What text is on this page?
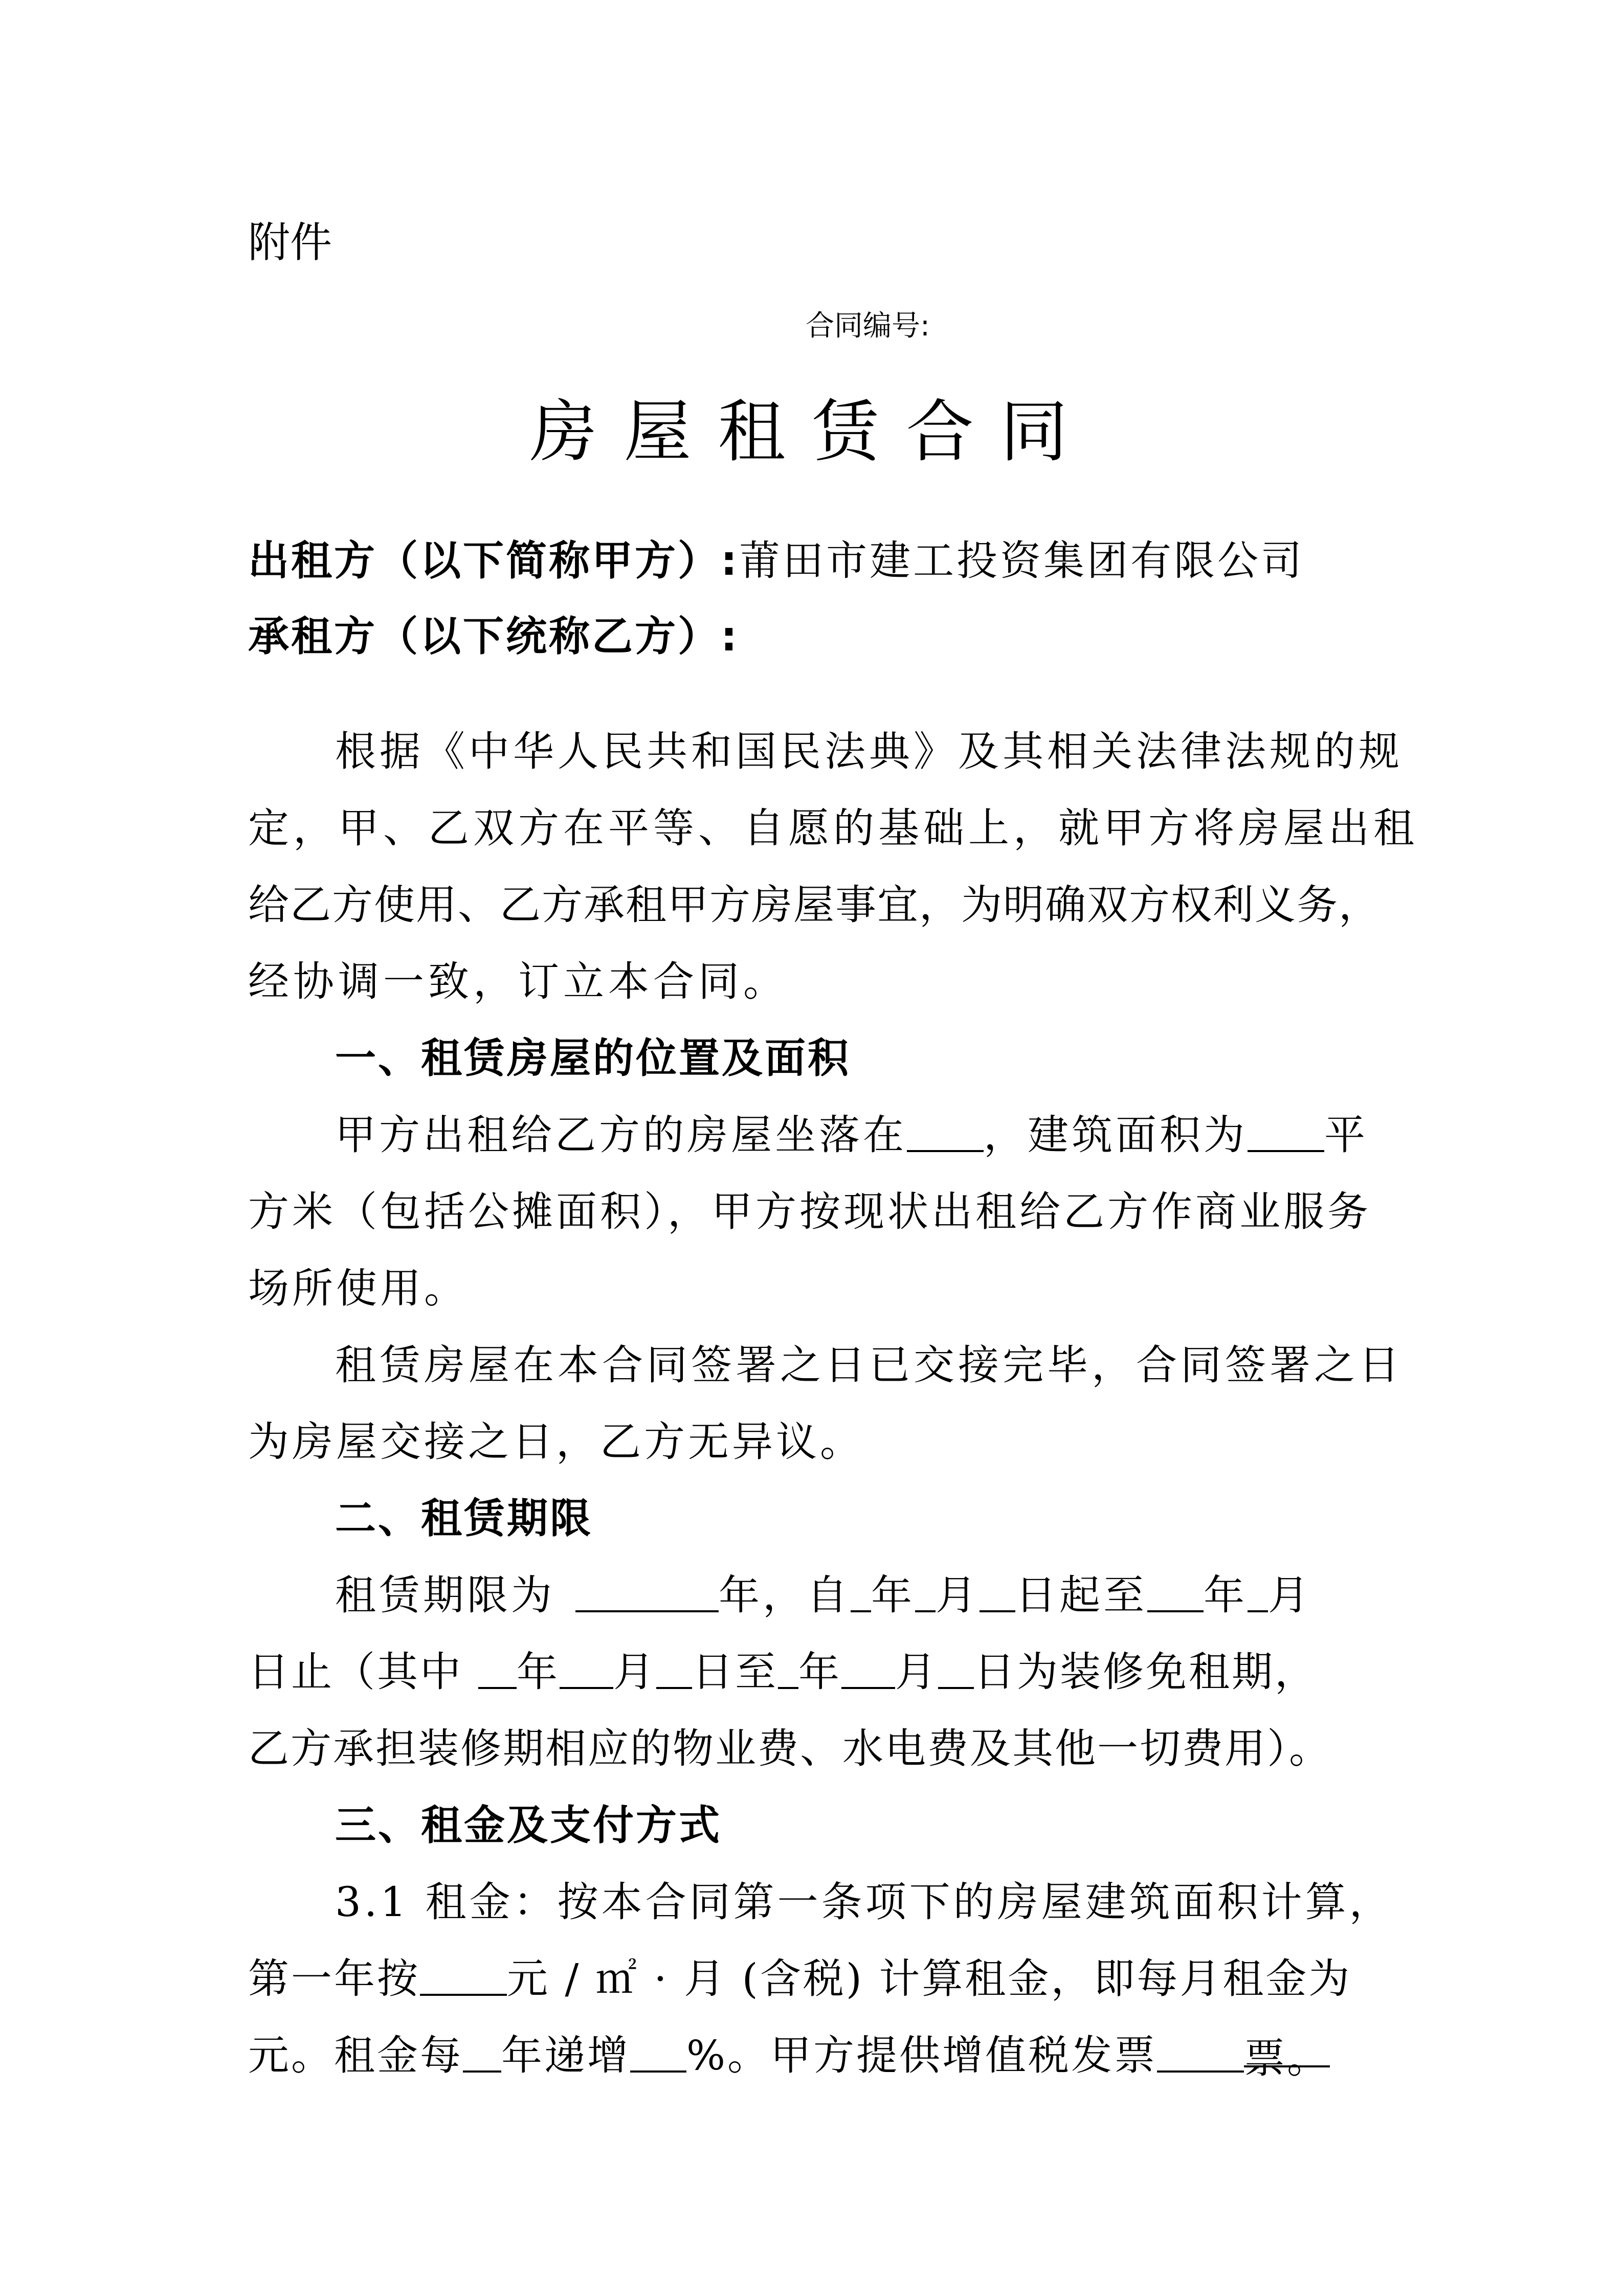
附件
合同编号:
房屋租赁合同
出租方（以下简称甲方）:莆田市建工投资集团有限公司
承租方（以下统称乙方）:
根据《中华人民共和国民法典》及其相关法律法规的规
定，甲、乙双方在平等、自愿的基础上，就甲方将房屋出租
给乙方使用、乙方承租甲方房屋事宜，为明确双方权利义务，
经协调一致，订立本合同。
一、租赁房屋的位置及面积
甲方出租给乙方的房屋坐落在 ，建筑面积为 平
方米（包括公摊面积），甲方按现状出租给乙方作商业服务
场所使用。
租赁房屋在本合同签署之日已交接完毕，合同签署之日
为房屋交接之日，乙方无异议。
二、租赁期限
租赁期限为	年，自 年 月 日起至 年 月
日止（其中 年 月 日至 年 月 日为装修免租期，
乙方承担装修期相应的物业费、水电费及其他一切费用）。
三、租金及支付方式
3.1 租金：按本合同第一条项下的房屋建筑面积计算，
第一年按 元 / ㎡ · 月 (含税) 计算租金，即每月租金为
元。租金每 年递增 %。甲方提供增值税发票 票。
